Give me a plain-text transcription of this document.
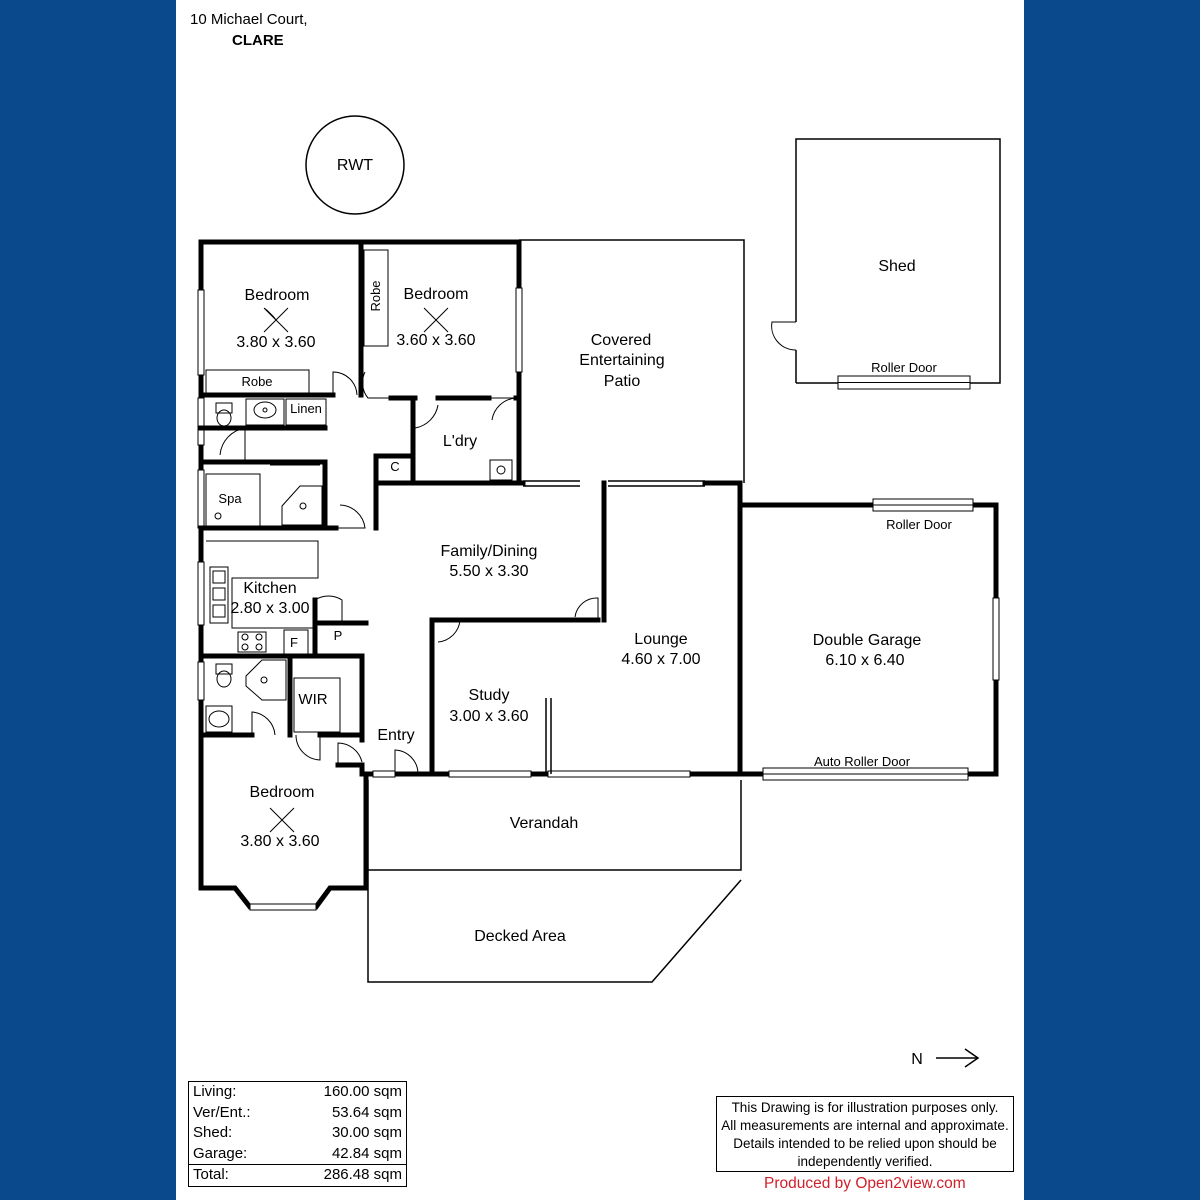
10 Michael Court,
CLARE
RWT
Shed
Roller Door
Robe
Robe
Linen
Spa
C
F	P
WIR
N
Bedroom
3.80 x 3.60
Bedroom
3.60 x 3.60
L'dry
Covered
Entertaining
Patio
Family/Dining
5.50 x 3.30
Kitchen
2.80 x 3.00
Lounge
4.60 x 7.00
Double Garage
6.10 x 6.40
Roller Door
Auto Roller Door
Study
3.00 x 3.60
Entry
Bedroom
3.80 x 3.60
Verandah
Decked Area
Living:	160.00 sqm
Ver/Ent.:	53.64 sqm
Shed:	30.00 sqm
Garage:	42.84 sqm
Total:	286.48 sqm
This Drawing is for illustration purposes only.
All measurements are internal and approximate.
Details intended to be relied upon should be
independently verified.
Produced by Open2view.com
